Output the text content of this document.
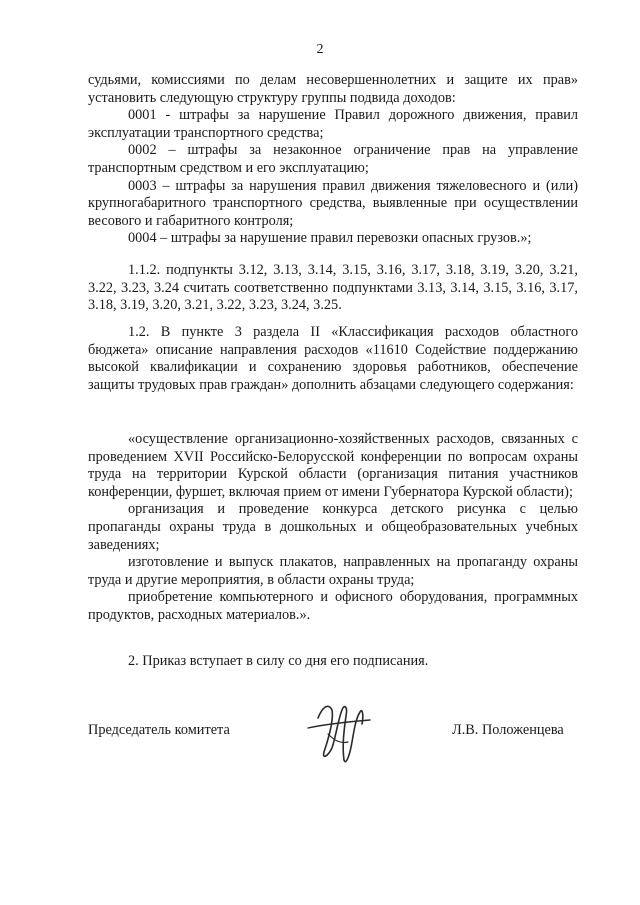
2

судьями, комиссиями по делам несовершеннолетних и защите их прав» установить следующую структуру группы подвида доходов:

0001 - штрафы за нарушение Правил дорожного движения, правил эксплуатации транспортного средства;

0002 – штрафы за незаконное ограничение прав на управление транспортным средством и его эксплуатацию;

0003 – штрафы за нарушения правил движения тяжеловесного и (или) крупногабаритного транспортного средства, выявленные при осуществлении весового и габаритного контроля;

0004 – штрафы за нарушение правил перевозки опасных грузов.»;

1.1.2. подпункты 3.12, 3.13, 3.14, 3.15, 3.16, 3.17, 3.18, 3.19, 3.20, 3.21, 3.22, 3.23, 3.24 считать соответственно подпунктами 3.13, 3.14, 3.15, 3.16, 3.17, 3.18, 3.19, 3.20, 3.21, 3.22, 3.23, 3.24, 3.25.

1.2. В пункте 3 раздела II «Классификация расходов областного бюджета» описание направления расходов «11610 Содействие поддержанию высокой квалификации и сохранению здоровья работников, обеспечение защиты трудовых прав граждан» дополнить абзацами следующего содержания:

«осуществление организационно-хозяйственных расходов, связанных с проведением XVII Российско-Белорусской конференции по вопросам охраны труда на территории Курской области (организация питания участников конференции, фуршет, включая прием от имени Губернатора Курской области);

организация и проведение конкурса детского рисунка с целью пропаганды охраны труда в дошкольных и общеобразовательных учебных заведениях;

изготовление и выпуск плакатов, направленных на пропаганду охраны труда и другие мероприятия, в области охраны труда;

приобретение компьютерного и офисного оборудования, программных продуктов, расходных материалов.».

2. Приказ вступает в силу со дня его подписания.

Председатель комитета	Л.В. Положенцева
